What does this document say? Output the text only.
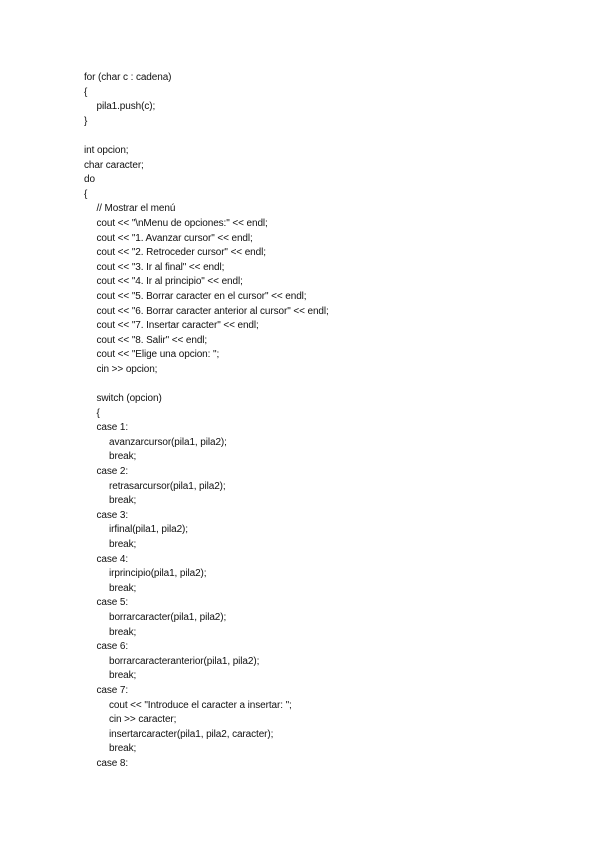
for (char c : cadena)
{
pila1.push(c);
}
int opcion;
char caracter;
do
{
// Mostrar el menú
cout << "\nMenu de opciones:" << endl;
cout << "1. Avanzar cursor" << endl;
cout << "2. Retroceder cursor" << endl;
cout << "3. Ir al final" << endl;
cout << "4. Ir al principio" << endl;
cout << "5. Borrar caracter en el cursor" << endl;
cout << "6. Borrar caracter anterior al cursor" << endl;
cout << "7. Insertar caracter" << endl;
cout << "8. Salir" << endl;
cout << "Elige una opcion: ";
cin >> opcion;
switch (opcion)
{
case 1:
avanzarcursor(pila1, pila2);
break;
case 2:
retrasarcursor(pila1, pila2);
break;
case 3:
irfinal(pila1, pila2);
break;
case 4:
irprincipio(pila1, pila2);
break;
case 5:
borrarcaracter(pila1, pila2);
break;
case 6:
borrarcaracteranterior(pila1, pila2);
break;
case 7:
cout << "Introduce el caracter a insertar: ";
cin >> caracter;
insertarcaracter(pila1, pila2, caracter);
break;
case 8:
